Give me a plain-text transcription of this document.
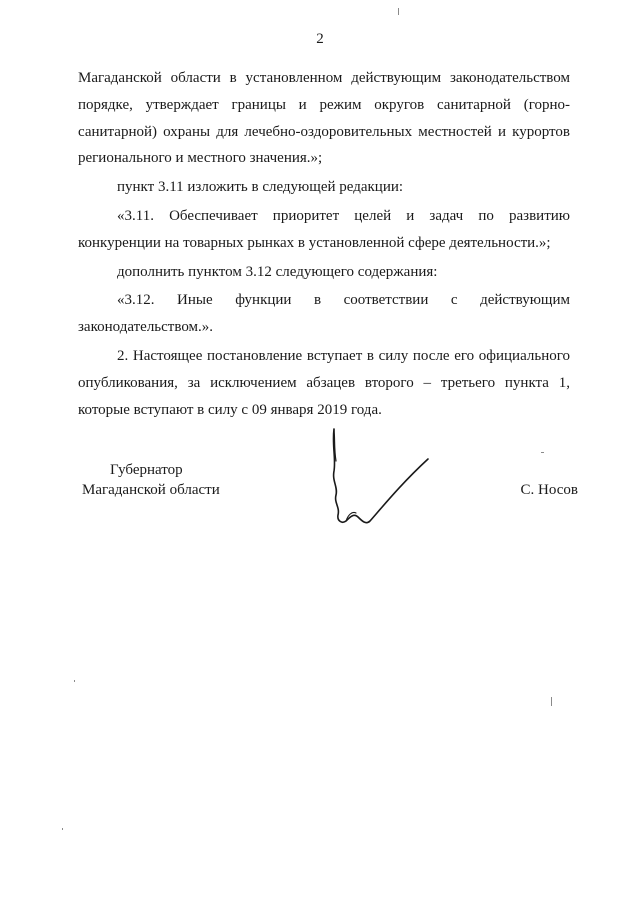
2

Магаданской области в установленном действующим законодательством порядке, утверждает границы и режим округов санитарной (горно-санитарной) охраны для лечебно-оздоровительных местностей и курортов регионального и местного значения.»;

пункт 3.11 изложить в следующей редакции:

«3.11. Обеспечивает приоритет целей и задач по развитию конкуренции на товарных рынках в установленной сфере деятельности.»;

дополнить пунктом 3.12 следующего содержания:

«3.12. Иные функции в соответствии с действующим законодательством.».

2. Настоящее постановление вступает в силу после его официального опубликования, за исключением абзацев второго – третьего пункта 1, которые вступают в силу с 09 января 2019 года.

Губернатор
Магаданской области	С. Носов
